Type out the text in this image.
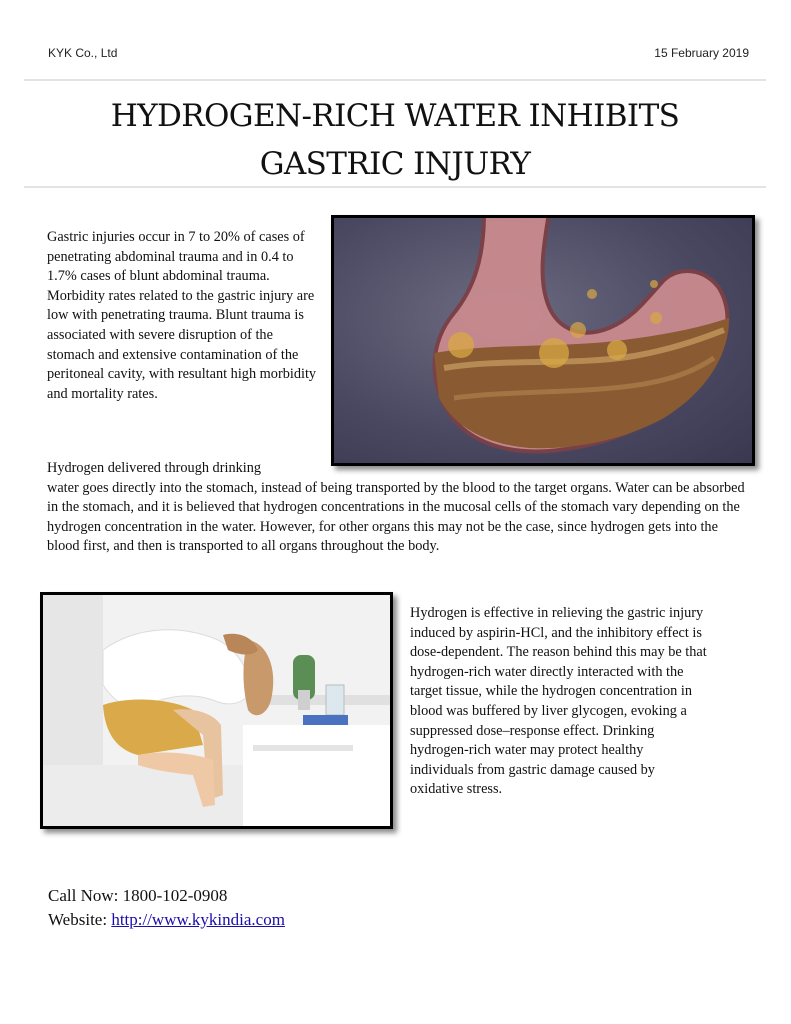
KYK Co., Ltd	15 February 2019
HYDROGEN-RICH WATER INHIBITS
GASTRIC INJURY
Gastric injuries occur in 7 to 20% of cases of penetrating abdominal trauma and in 0.4 to 1.7% cases of blunt abdominal trauma. Morbidity rates related to the gastric injury are low with penetrating trauma. Blunt trauma is associated with severe disruption of the stomach and extensive contamination of the peritoneal cavity, with resultant high morbidity and mortality rates.
Hydrogen delivered through drinking
water goes directly into the stomach, instead of being transported by the blood to the target organs. Water can be absorbed in the stomach, and it is believed that hydrogen concentrations in the mucosal cells of the stomach vary depending on the hydrogen concentration in the water. However, for other organs this may not be the case, since hydrogen gets into the blood first, and then is transported to all organs throughout the body.
Hydrogen is effective in relieving the gastric injury induced by aspirin-HCl, and the inhibitory effect is dose-dependent. The reason behind this may be that hydrogen-rich water directly interacted with the target tissue, while the hydrogen concentration in blood was buffered by liver glycogen, evoking a suppressed dose–response effect. Drinking hydrogen-rich water may protect healthy individuals from gastric damage caused by oxidative stress.
Call Now: 1800-102-0908
Website: http://www.kykindia.com
